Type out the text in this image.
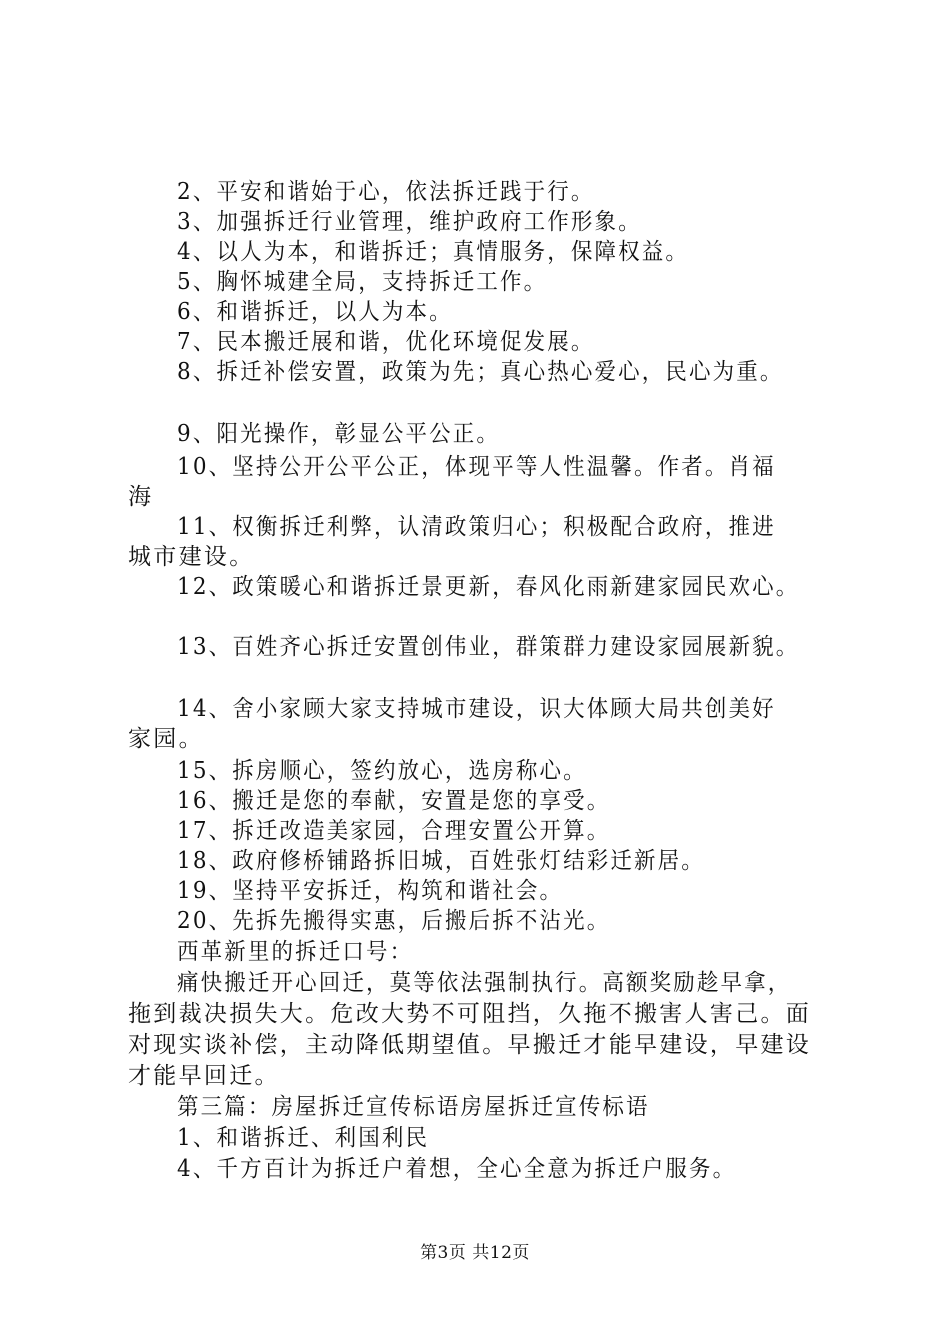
2、平安和谐始于心，依法拆迁践于行。
3、加强拆迁行业管理，维护政府工作形象。
4、以人为本，和谐拆迁；真情服务，保障权益。
5、胸怀城建全局，支持拆迁工作。
6、和谐拆迁，以人为本。
7、民本搬迁展和谐，优化环境促发展。
8、拆迁补偿安置，政策为先；真心热心爱心，民心为重。
9、阳光操作，彰显公平公正。
10、坚持公开公平公正，体现平等人性温馨。作者。肖福
海
11、权衡拆迁利弊，认清政策归心；积极配合政府，推进
城市建设。
12、政策暖心和谐拆迁景更新，春风化雨新建家园民欢心。
13、百姓齐心拆迁安置创伟业，群策群力建设家园展新貌。
14、舍小家顾大家支持城市建设，识大体顾大局共创美好
家园。
15、拆房顺心，签约放心，选房称心。
16、搬迁是您的奉献，安置是您的享受。
17、拆迁改造美家园，合理安置公开算。
18、政府修桥铺路拆旧城，百姓张灯结彩迁新居。
19、坚持平安拆迁，构筑和谐社会。
20、先拆先搬得实惠，后搬后拆不沾光。
西革新里的拆迁口号：
痛快搬迁开心回迁，莫等依法强制执行。高额奖励趁早拿，
拖到裁决损失大。危改大势不可阻挡，久拖不搬害人害己。面
对现实谈补偿，主动降低期望值。早搬迁才能早建设，早建设
才能早回迁。
第三篇：房屋拆迁宣传标语房屋拆迁宣传标语
1、和谐拆迁、利国利民
4、千方百计为拆迁户着想，全心全意为拆迁户服务。
第3页 共12页
